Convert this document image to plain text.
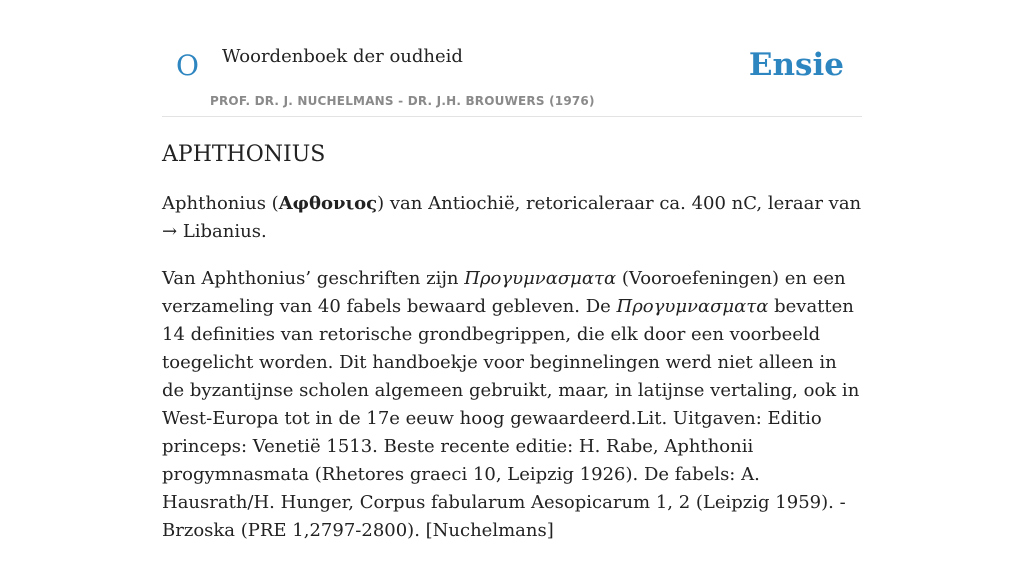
O Woordenboek der oudheid
PROF. DR. J. NUCHELMANS - DR. J.H. BROUWERS (1976)
Ensie
APHTHONIUS

Aphthonius (Αφθονιος) van Antiochië, retoricaleraar ca. 400 nC, leraar van → Libanius.

Van Aphthonius’ geschriften zijn Προγυμνασματα (Vooroefeningen) en een verzameling van 40 fabels bewaard gebleven. De Προγυμνασματα bevatten 14 definities van retorische grondbegrippen, die elk door een voorbeeld toegelicht worden. Dit handboekje voor beginnelingen werd niet alleen in de byzantijnse scholen algemeen gebruikt, maar, in latijnse vertaling, ook in West-Europa tot in de 17e eeuw hoog gewaardeerd.Lit. Uitgaven: Editio princeps: Venetië 1513. Beste recente editie: H. Rabe, Aphthonii progymnasmata (Rhetores graeci 10, Leipzig 1926). De fabels: A. Hausrath/H. Hunger, Corpus fabularum Aesopicarum 1, 2 (Leipzig 1959). - Brzoska (PRE 1,2797-2800). [Nuchelmans]
